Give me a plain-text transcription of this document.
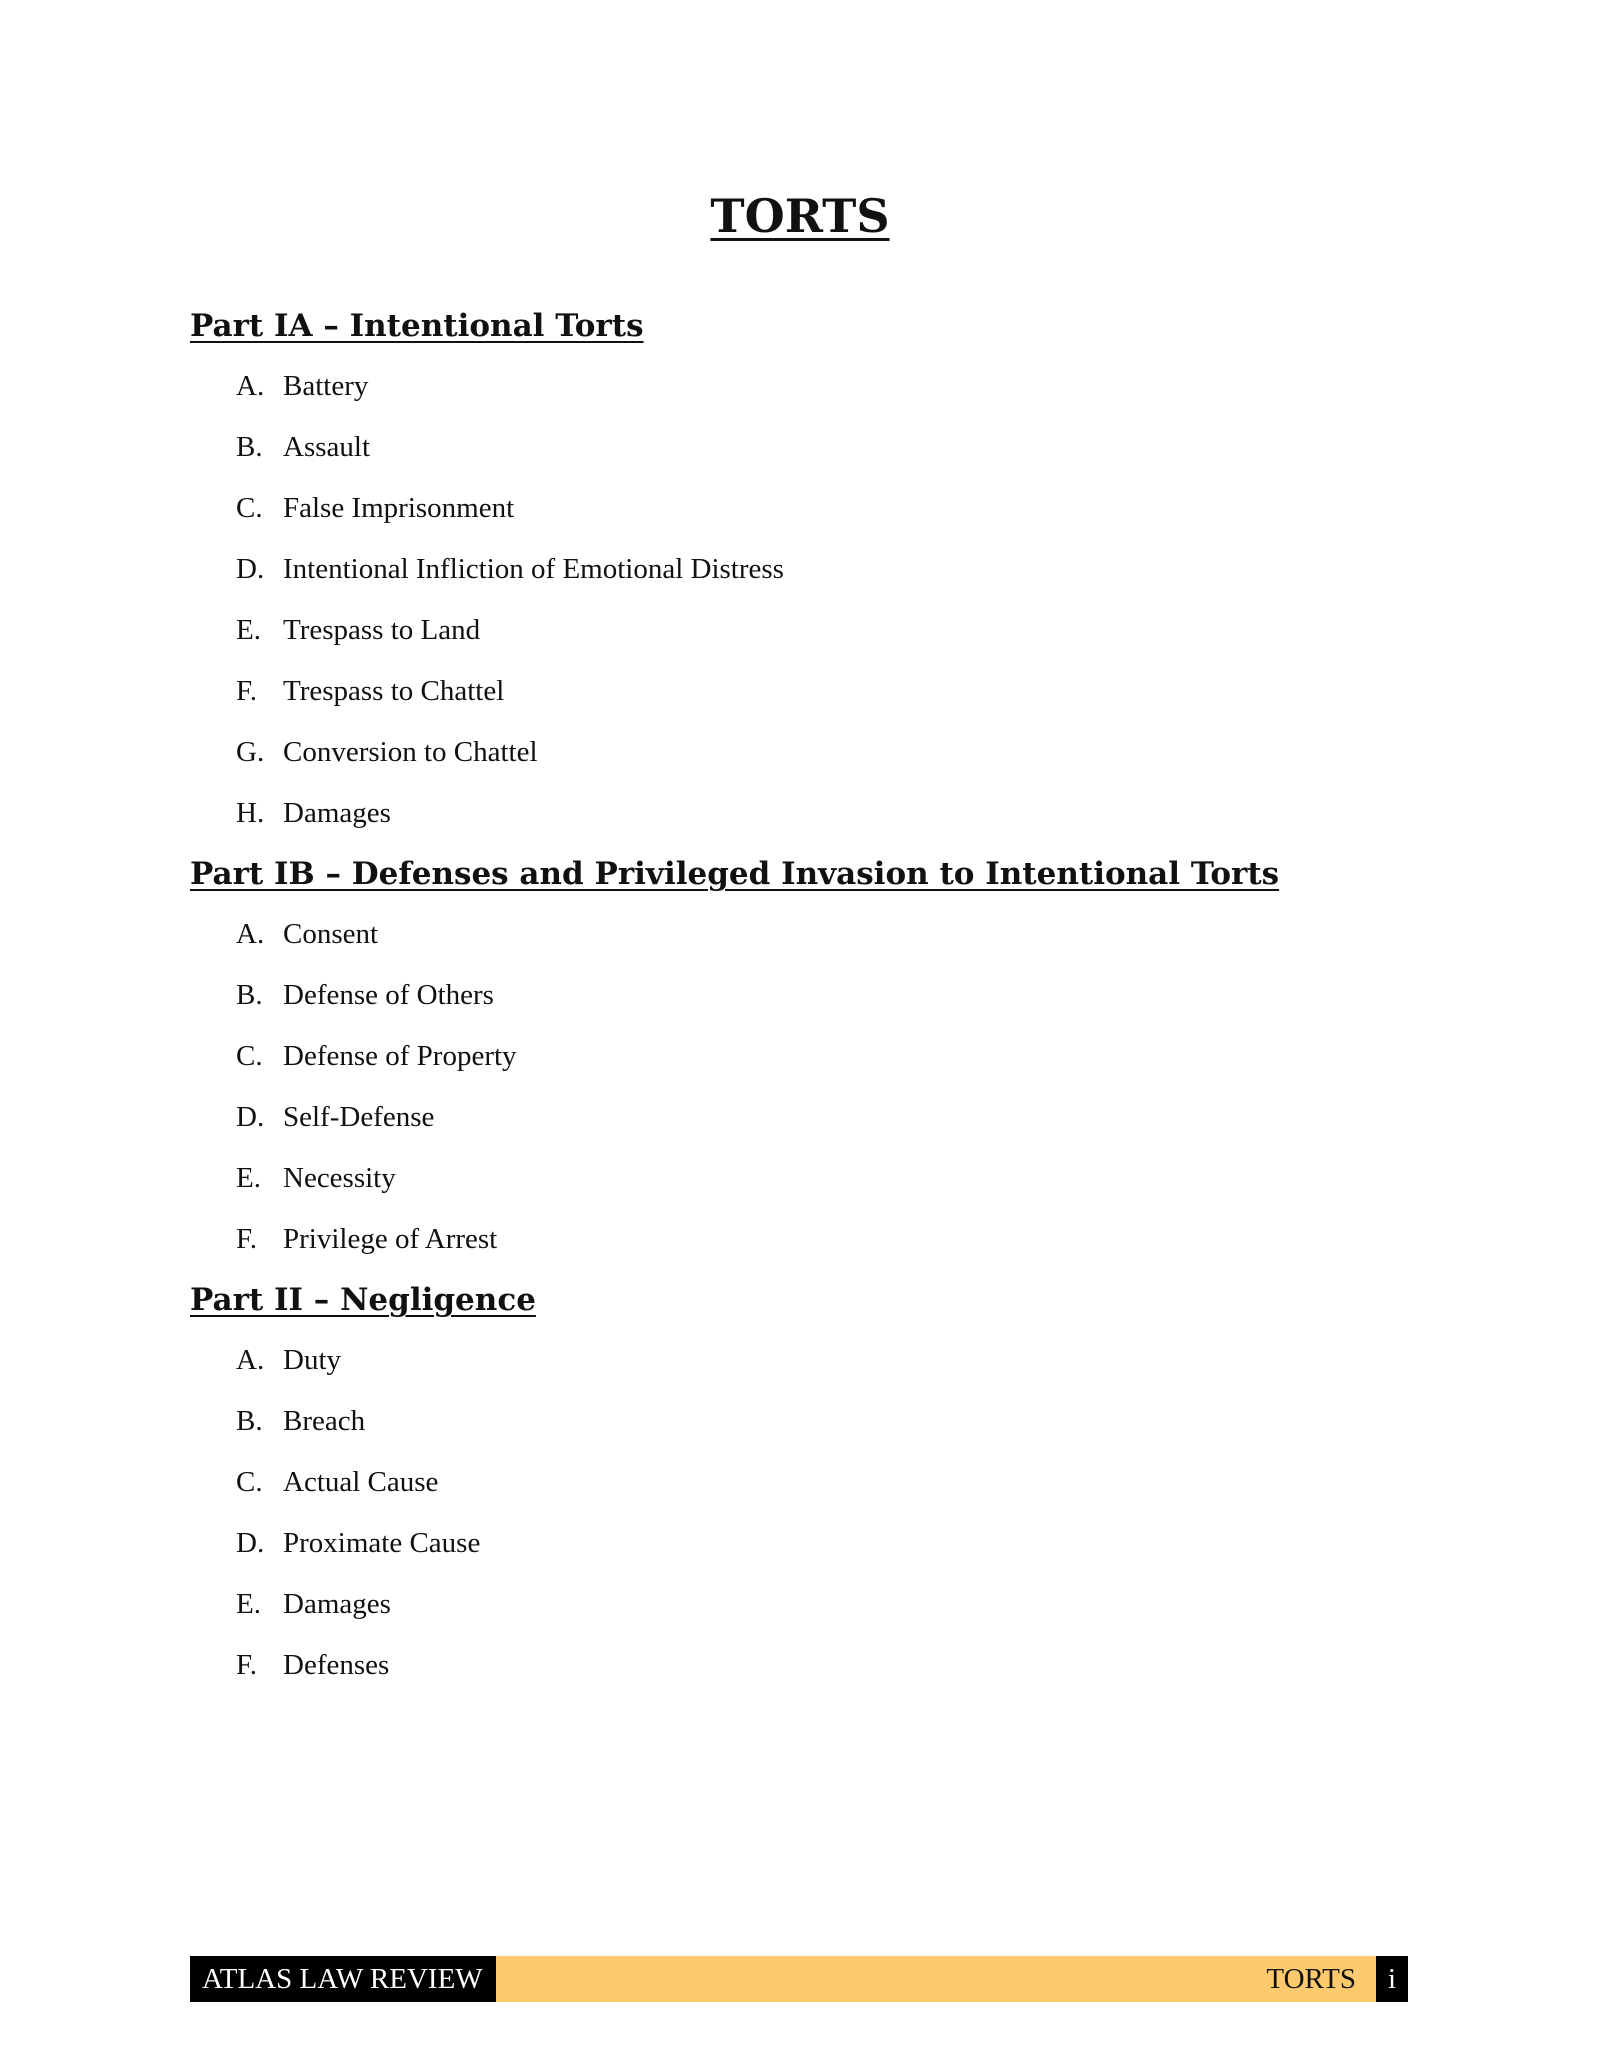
TORTS
Part IA – Intentional Torts
A. Battery
B. Assault
C. False Imprisonment
D. Intentional Infliction of Emotional Distress
E. Trespass to Land
F. Trespass to Chattel
G. Conversion to Chattel
H. Damages
Part IB – Defenses and Privileged Invasion to Intentional Torts
A. Consent
B. Defense of Others
C. Defense of Property
D. Self-Defense
E. Necessity
F. Privilege of Arrest
Part II – Negligence
A. Duty
B. Breach
C. Actual Cause
D. Proximate Cause
E. Damages
F. Defenses
ATLAS LAW REVIEW	TORTS	i
